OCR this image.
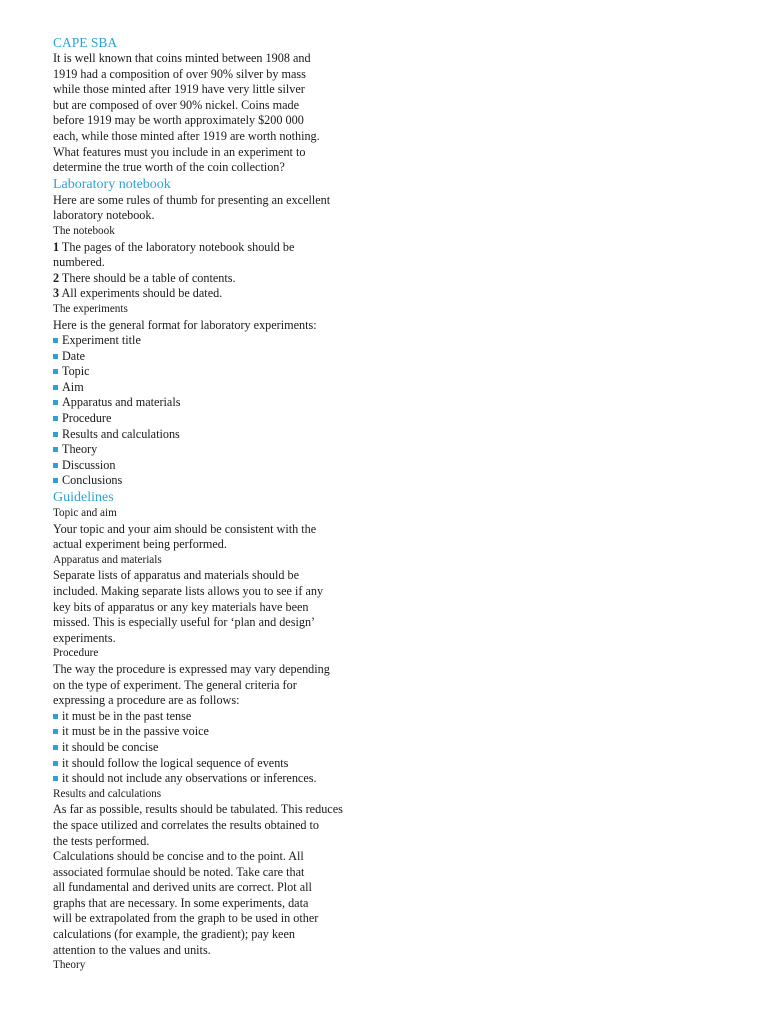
CAPE SBA
It is well known that coins minted between 1908 and
1919 had a composition of over 90% silver by mass
while those minted after 1919 have very little silver
but are composed of over 90% nickel. Coins made
before 1919 may be worth approximately $200 000
each, while those minted after 1919 are worth nothing.
What features must you include in an experiment to
determine the true worth of the coin collection?
Laboratory notebook
Here are some rules of thumb for presenting an excellent
laboratory notebook.
The notebook
1 The pages of the laboratory notebook should be
numbered.
2 There should be a table of contents.
3 All experiments should be dated.
The experiments
Here is the general format for laboratory experiments:
Experiment title
Date
Topic
Aim
Apparatus and materials
Procedure
Results and calculations
Theory
Discussion
Conclusions
Guidelines
Topic and aim
Your topic and your aim should be consistent with the
actual experiment being performed.
Apparatus and materials
Separate lists of apparatus and materials should be
included. Making separate lists allows you to see if any
key bits of apparatus or any key materials have been
missed. This is especially useful for ‘plan and design’
experiments.
Procedure
The way the procedure is expressed may vary depending
on the type of experiment. The general criteria for
expressing a procedure are as follows:
it must be in the past tense
it must be in the passive voice
it should be concise
it should follow the logical sequence of events
it should not include any observations or inferences.
Results and calculations
As far as possible, results should be tabulated. This reduces
the space utilized and correlates the results obtained to
the tests performed.
Calculations should be concise and to the point. All
associated formulae should be noted. Take care that
all fundamental and derived units are correct. Plot all
graphs that are necessary. In some experiments, data
will be extrapolated from the graph to be used in other
calculations (for example, the gradient); pay keen
attention to the values and units.
Theory
